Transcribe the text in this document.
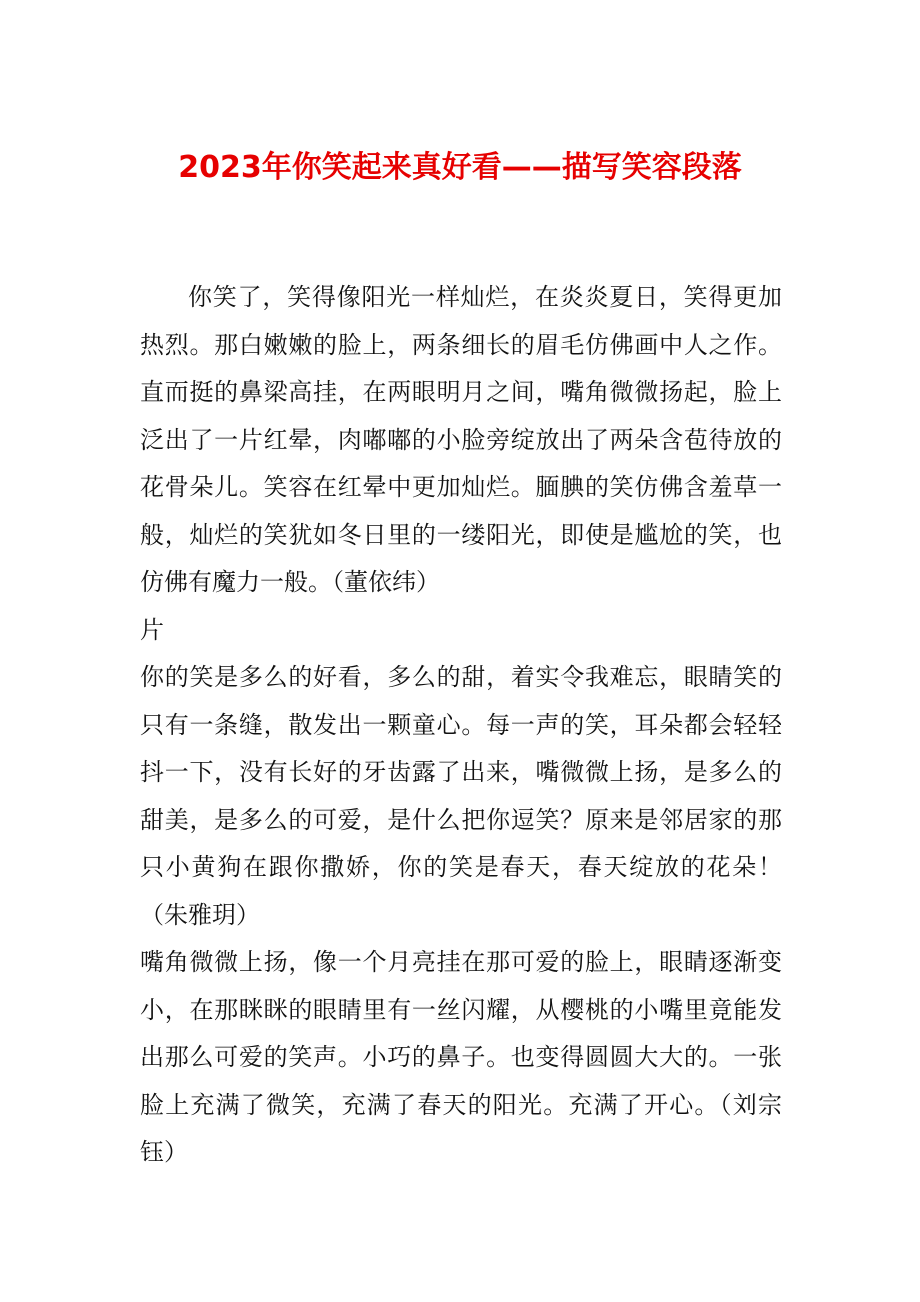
2023年你笑起来真好看——描写笑容段落

你笑了，笑得像阳光一样灿烂，在炎炎夏日，笑得更加热烈。那白嫩嫩的脸上，两条细长的眉毛仿佛画中人之作。直而挺的鼻梁高挂，在两眼明月之间，嘴角微微扬起，脸上泛出了一片红晕，肉嘟嘟的小脸旁绽放出了两朵含苞待放的花骨朵儿。笑容在红晕中更加灿烂。腼腆的笑仿佛含羞草一般，灿烂的笑犹如冬日里的一缕阳光，即使是尴尬的笑，也仿佛有魔力一般。（董依纬）

片

你的笑是多么的好看，多么的甜，着实令我难忘，眼睛笑的只有一条缝，散发出一颗童心。每一声的笑，耳朵都会轻轻抖一下，没有长好的牙齿露了出来，嘴微微上扬，是多么的甜美，是多么的可爱，是什么把你逗笑？原来是邻居家的那只小黄狗在跟你撒娇，你的笑是春天，春天绽放的花朵！（朱雅玥）

嘴角微微上扬，像一个月亮挂在那可爱的脸上，眼睛逐渐变小，在那眯眯的眼睛里有一丝闪耀，从樱桃的小嘴里竟能发出那么可爱的笑声。小巧的鼻子。也变得圆圆大大的。一张脸上充满了微笑，充满了春天的阳光。充满了开心。（刘宗钰）
